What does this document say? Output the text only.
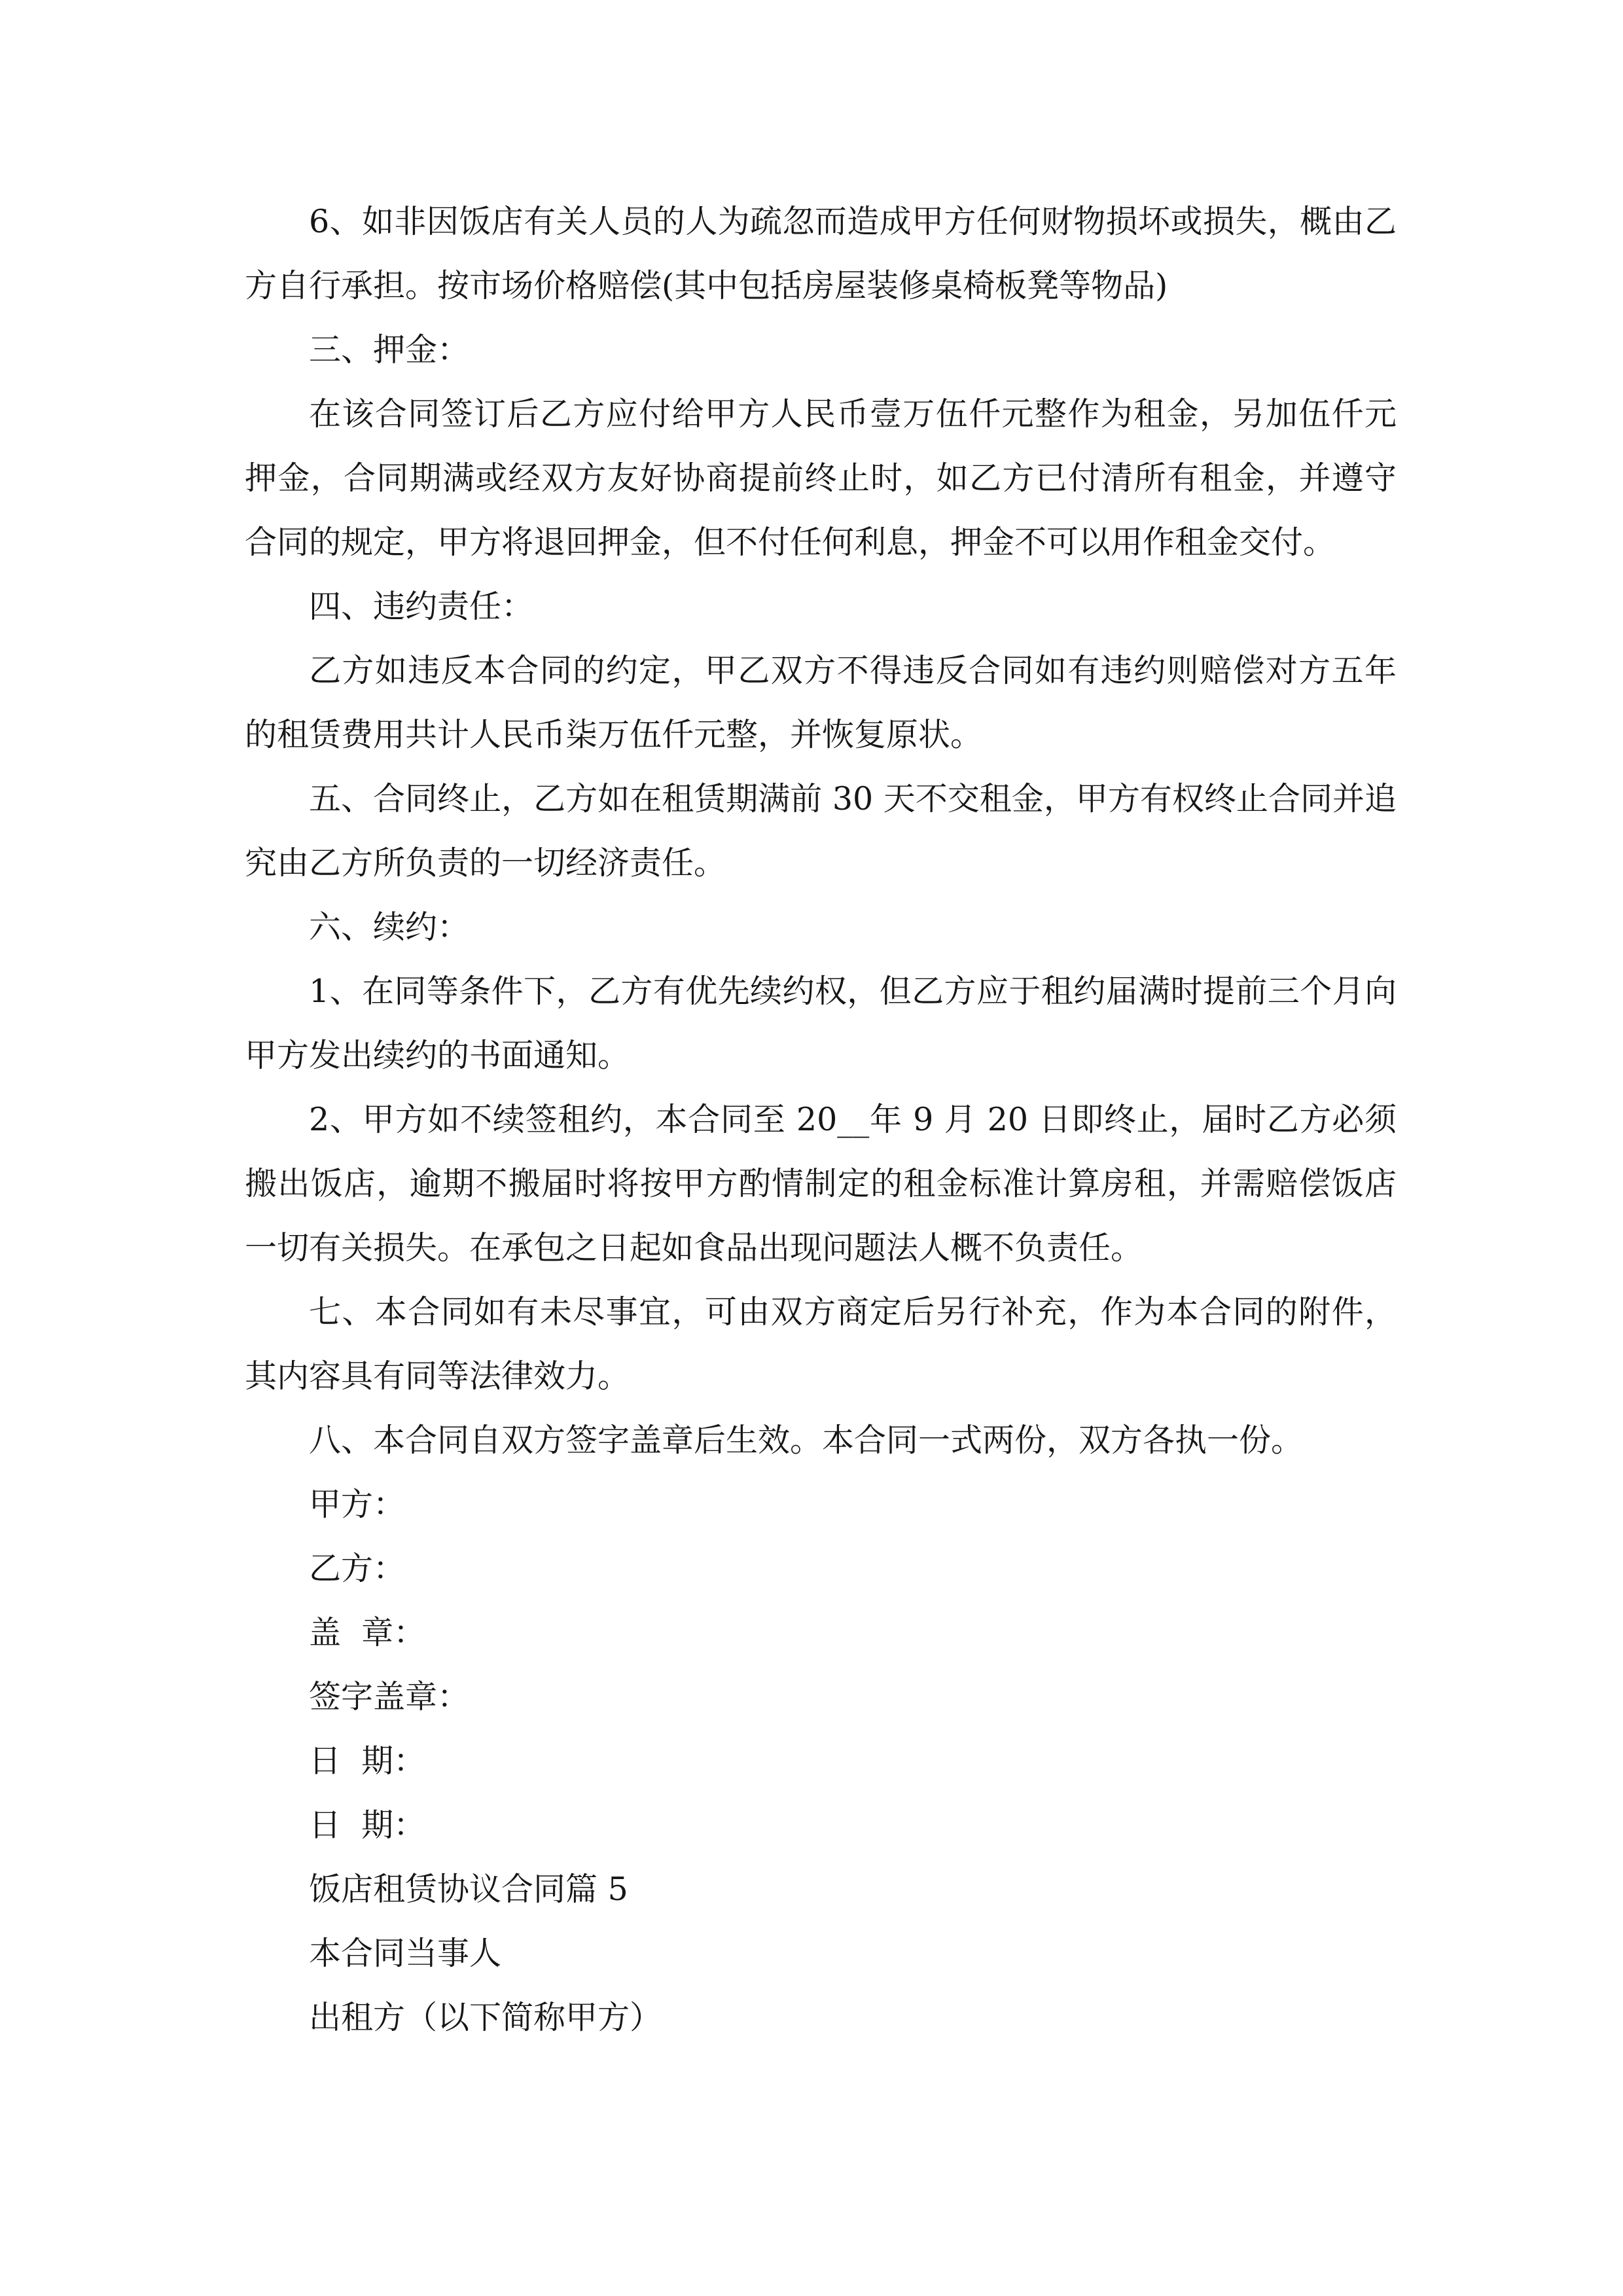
6、如非因饭店有关人员的人为疏忽而造成甲方任何财物损坏或损失，概由乙方自行承担。按市场价格赔偿(其中包括房屋装修桌椅板凳等物品)

三、押金：

在该合同签订后乙方应付给甲方人民币壹万伍仟元整作为租金，另加伍仟元押金，合同期满或经双方友好协商提前终止时，如乙方已付清所有租金，并遵守合同的规定，甲方将退回押金，但不付任何利息，押金不可以用作租金交付。

四、违约责任：

乙方如违反本合同的约定，甲乙双方不得违反合同如有违约则赔偿对方五年的租赁费用共计人民币柒万伍仟元整，并恢复原状。

五、合同终止，乙方如在租赁期满前 30 天不交租金，甲方有权终止合同并追究由乙方所负责的一切经济责任。

六、续约：

1、在同等条件下，乙方有优先续约权，但乙方应于租约届满时提前三个月向甲方发出续约的书面通知。

2、甲方如不续签租约，本合同至 20__年 9 月 20 日即终止，届时乙方必须搬出饭店，逾期不搬届时将按甲方酌情制定的租金标准计算房租，并需赔偿饭店一切有关损失。在承包之日起如食品出现问题法人概不负责任。

七、本合同如有未尽事宜，可由双方商定后另行补充，作为本合同的附件，其内容具有同等法律效力。

八、本合同自双方签字盖章后生效。本合同一式两份，双方各执一份。

甲方：

乙方：

盖  章：

签字盖章：

日  期：

日  期：

饭店租赁协议合同篇 5

本合同当事人

出租方（以下简称甲方）
